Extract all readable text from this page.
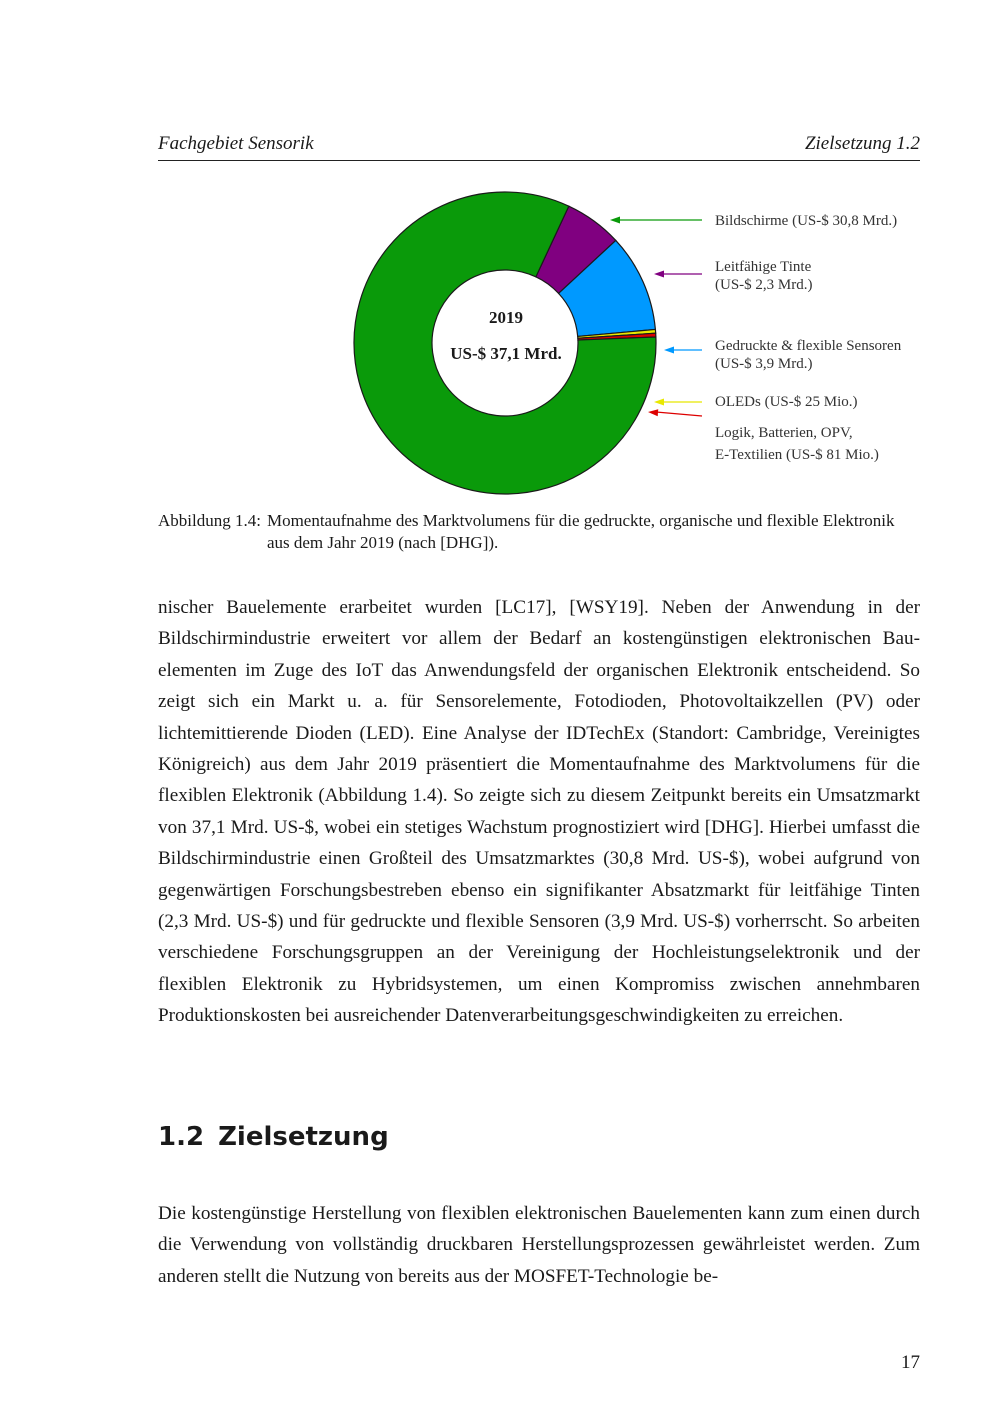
Fachgebiet Sensorik	Zielsetzung 1.2
2019
US-$ 37,1 Mrd.
Bildschirme (US-$ 30,8 Mrd.)
Leitfähige Tinte
(US-$ 2,3 Mrd.)
Gedruckte & flexible Sensoren
(US-$ 3,9 Mrd.)
OLEDs (US-$ 25 Mio.)
Logik, Batterien, OPV,
E-Textilien (US-$ 81 Mio.)
Abbildung 1.4: Momentaufnahme des Marktvolumens für die gedruckte, organische und flexible Elektronik aus dem Jahr 2019 (nach [DHG]).

nischer Bauelemente erarbeitet wurden [LC17], [WSY19]. Neben der Anwendung in der Bildschirmindustrie erweitert vor allem der Bedarf an kostengünstigen elektronischen Bauelementen im Zuge des IoT das Anwendungsfeld der organischen Elektronik entscheidend. So zeigt sich ein Markt u. a. für Sensorelemente, Fotodioden, Photovoltaikzellen (PV) oder lichtemittierende Dioden (LED). Eine Analyse der IDTechEx (Standort: Cambridge, Vereinigtes Königreich) aus dem Jahr 2019 präsentiert die Momentaufnahme des Marktvolumens für die flexiblen Elektronik (Abbildung 1.4). So zeigte sich zu diesem Zeitpunkt bereits ein Umsatzmarkt von 37,1 Mrd. US-$, wobei ein stetiges Wachstum prognostiziert wird [DHG]. Hierbei umfasst die Bildschirmindustrie einen Großteil des Umsatzmarktes (30,8 Mrd. US-$), wobei aufgrund von gegenwärtigen Forschungsbestreben ebenso ein signifikanter Absatzmarkt für leitfähige Tinten (2,3 Mrd. US-$) und für gedruckte und flexible Sensoren (3,9 Mrd. US-$) vorherrscht. So arbeiten verschiedene Forschungsgruppen an der Vereinigung der Hochleistungselektronik und der flexiblen Elektronik zu Hybridsystemen, um einen Kompromiss zwischen annehmbaren Produktionskosten bei ausreichender Datenverarbeitungsgeschwindigkeiten zu erreichen.

1.2 Zielsetzung

Die kostengünstige Herstellung von flexiblen elektronischen Bauelementen kann zum einen durch die Verwendung von vollständig druckbaren Herstellungsprozessen gewährleistet werden. Zum anderen stellt die Nutzung von bereits aus der MOSFET-Technologie be-

17
